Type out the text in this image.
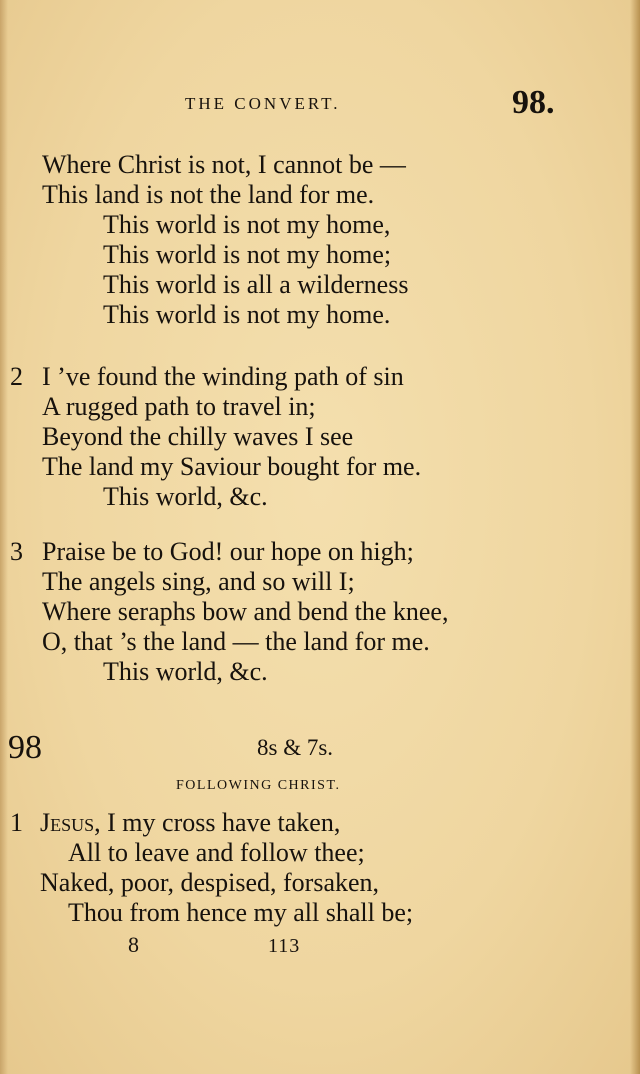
THE CONVERT.	98.
Where Christ is not, I cannot be —
This land is not the land for me.
This world is not my home,
This world is not my home;
This world is all a wilderness
This world is not my home.
2 I ’ve found the winding path of sin
A rugged path to travel in;
Beyond the chilly waves I see
The land my Saviour bought for me.
This world, &c.
3 Praise be to God! our hope on high;
The angels sing, and so will I;
Where seraphs bow and bend the knee,
O, that ’s the land — the land for me.
This world, &c.
98	8s & 7s.
FOLLOWING CHRIST.
1 Jesus, I my cross have taken,
All to leave and follow thee;
Naked, poor, despised, forsaken,
Thou from hence my all shall be;
8	113
